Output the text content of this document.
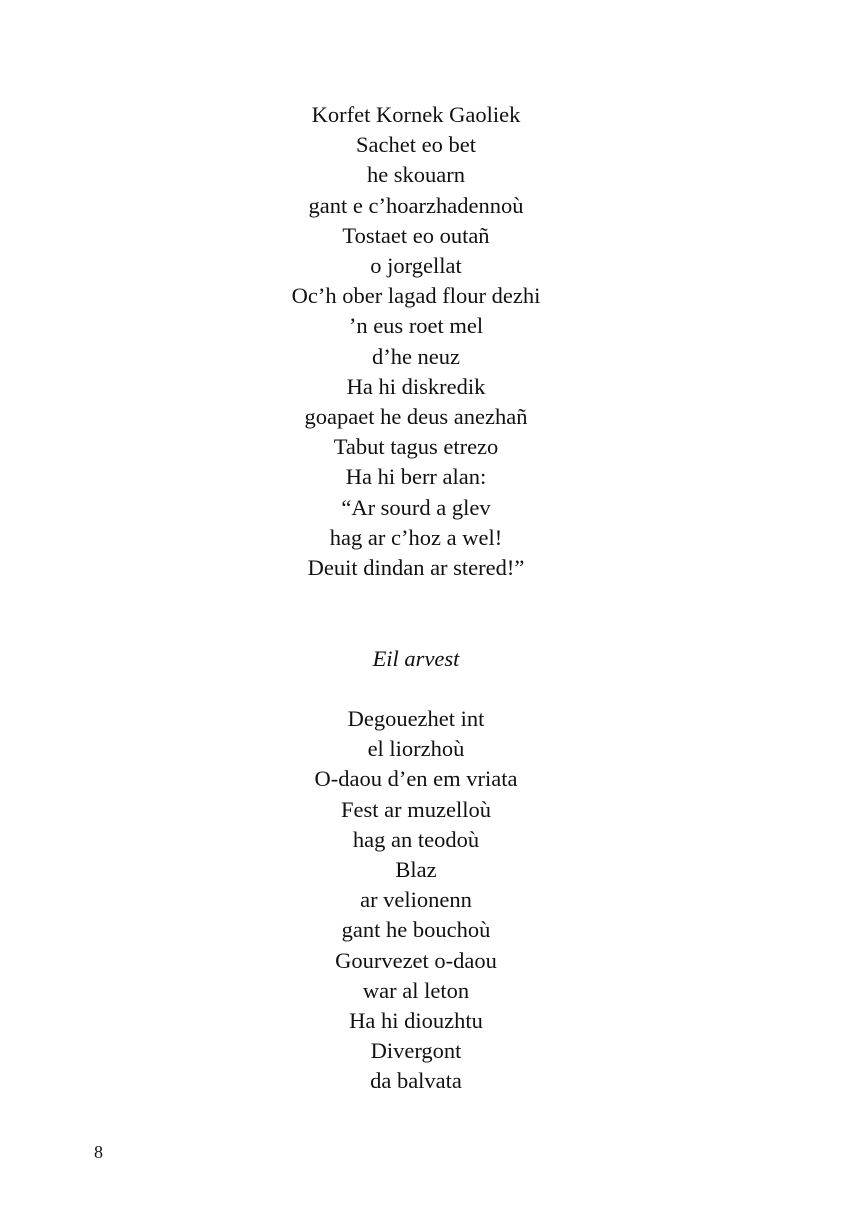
Korfet Kornek Gaoliek
Sachet eo bet
he skouarn
gant e c’hoarzhadennoù
Tostaet eo outañ
o jorgellat
Oc’h ober lagad flour dezhi
’n eus roet mel
d’he neuz
Ha hi diskredik
goapaet he deus anezhañ
Tabut tagus etrezo
Ha hi berr alan:
“Ar sourd a glev
hag ar c’hoz a wel!
Deuit dindan ar stered!”
Eil arvest
Degouezhet int
el liorzhoù
O-daou d’en em vriata
Fest ar muzelloù
hag an teodoù
Blaz
ar velionenn
gant he bouchoù
Gourvezet o-daou
war al leton
Ha hi diouzhtu
Divergont
da balvata
8
